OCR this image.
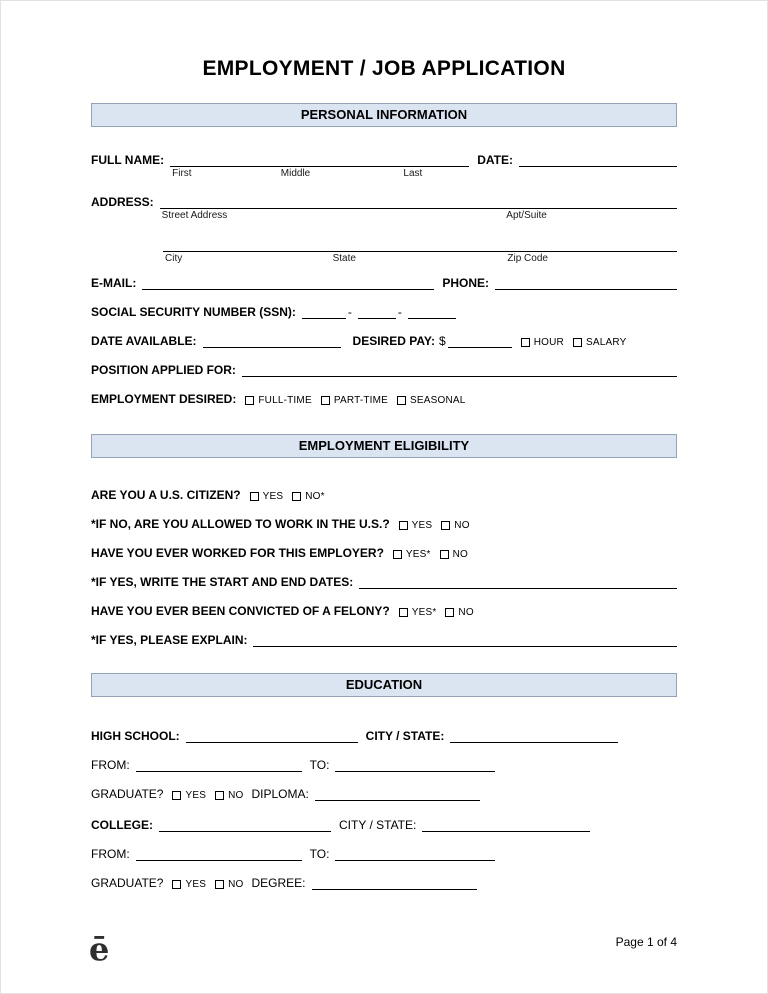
EMPLOYMENT / JOB APPLICATION
PERSONAL INFORMATION
FULL NAME:
First	Middle	Last
DATE:
ADDRESS:
Street Address	Apt/Suite
City	State	Zip Code
E-MAIL:	PHONE:
SOCIAL SECURITY NUMBER (SSN):	-	-
DATE AVAILABLE:	DESIRED PAY: $	HOUR SALARY
POSITION APPLIED FOR:
EMPLOYMENT DESIRED: FULL-TIME PART-TIME SEASONAL
EMPLOYMENT ELIGIBILITY
ARE YOU A U.S. CITIZEN? YES NO*
*IF NO, ARE YOU ALLOWED TO WORK IN THE U.S.? YES NO
HAVE YOU EVER WORKED FOR THIS EMPLOYER? YES* NO
*IF YES, WRITE THE START AND END DATES:
HAVE YOU EVER BEEN CONVICTED OF A FELONY? YES* NO
*IF YES, PLEASE EXPLAIN:
EDUCATION
HIGH SCHOOL:	CITY / STATE:
FROM:	TO:
GRADUATE? YES NO DIPLOMA:
COLLEGE:	CITY / STATE:
FROM:	TO:
GRADUATE? YES NO DEGREE:
ē	Page 1 of 4
